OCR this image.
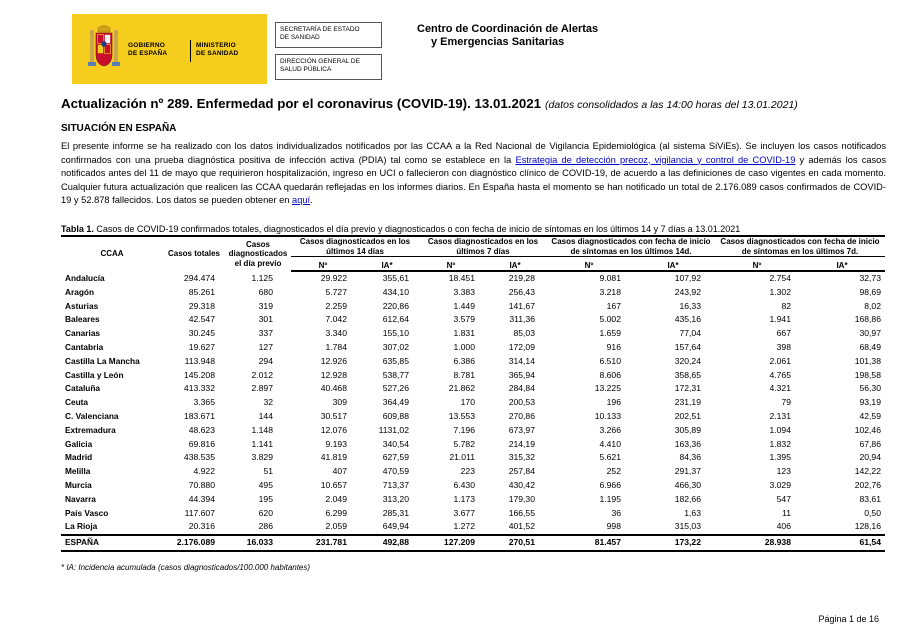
GOBIERNO
DE ESPAÑA
MINISTERIO
DE SANIDAD
SECRETARÍA DE ESTADO
DE SANIDAD
DIRECCIÓN GENERAL DE
SALUD PÚBLICA
Centro de Coordinación de Alertas
y Emergencias Sanitarias
Actualización nº 289. Enfermedad por el coronavirus (COVID-19). 13.01.2021 (datos consolidados a las 14:00 horas del 13.01.2021)
SITUACIÓN EN ESPAÑA
El presente informe se ha realizado con los datos individualizados notificados por las CCAA a la Red Nacional de Vigilancia Epidemiológica (al sistema SiViEs). Se incluyen los casos notificados confirmados con una prueba diagnóstica positiva de infección activa (PDIA) tal como se establece en la Estrategia de detección precoz, vigilancia y control de COVID-19 y además los casos notificados antes del 11 de mayo que requirieron hospitalización, ingreso en UCI o fallecieron con diagnóstico clínico de COVID-19, de acuerdo a las definiciones de caso vigentes en cada momento. Cualquier futura actualización que realicen las CCAA quedarán reflejadas en los informes diarios. En España hasta el momento se han notificado un total de 2.176.089 casos confirmados de COVID-19 y 52.878 fallecidos. Los datos se pueden obtener en aquí.
Tabla 1. Casos de COVID-19 confirmados totales, diagnosticados el día previo y diagnosticados o con fecha de inicio de síntomas en los últimos 14 y 7 días a 13.01.2021
CCAA	Casos totales	Casos diagnosticados el día previo	Casos diagnosticados en los últimos 14 días		Casos diagnosticados en los últimos 7 días		Casos diagnosticados con fecha de inicio de síntomas en los últimos 14d.		Casos diagnosticados con fecha de inicio de síntomas en los últimos 7d.	
			Nº	IA*	Nº	IA*	Nº	IA*	Nº	IA*
Andalucía	294.474	1.125	29.922	355,61	18.451	219,28	9.081	107,92	2.754	32,73
Aragón	85.261	680	5.727	434,10	3.383	256,43	3.218	243,92	1.302	98,69
Asturias	29.318	319	2.259	220,86	1.449	141,67	167	16,33	82	8,02
Baleares	42.547	301	7.042	612,64	3.579	311,36	5.002	435,16	1.941	168,86
Canarias	30.245	337	3.340	155,10	1.831	85,03	1.659	77,04	667	30,97
Cantabria	19.627	127	1.784	307,02	1.000	172,09	916	157,64	398	68,49
Castilla La Mancha	113.948	294	12.926	635,85	6.386	314,14	6.510	320,24	2.061	101,38
Castilla y León	145.208	2.012	12.928	538,77	8.781	365,94	8.606	358,65	4.765	198,58
Cataluña	413.332	2.897	40.468	527,26	21.862	284,84	13.225	172,31	4.321	56,30
Ceuta	3.365	32	309	364,49	170	200,53	196	231,19	79	93,19
C. Valenciana	183.671	144	30.517	609,88	13.553	270,86	10.133	202,51	2.131	42,59
Extremadura	48.623	1.148	12.076	1131,02	7.196	673,97	3.266	305,89	1.094	102,46
Galicia	69.816	1.141	9.193	340,54	5.782	214,19	4.410	163,36	1.832	67,86
Madrid	438.535	3.829	41.819	627,59	21.011	315,32	5.621	84,36	1.395	20,94
Melilla	4.922	51	407	470,59	223	257,84	252	291,37	123	142,22
Murcia	70.880	495	10.657	713,37	6.430	430,42	6.966	466,30	3.029	202,76
Navarra	44.394	195	2.049	313,20	1.173	179,30	1.195	182,66	547	83,61
País Vasco	117.607	620	6.299	285,31	3.677	166,55	36	1,63	11	0,50
La Rioja	20.316	286	2.059	649,94	1.272	401,52	998	315,03	406	128,16
ESPAÑA	2.176.089	16.033	231.781	492,88	127.209	270,51	81.457	173,22	28.938	61,54
* IA: Incidencia acumulada (casos diagnosticados/100.000 habitantes)
Página 1 de 16
